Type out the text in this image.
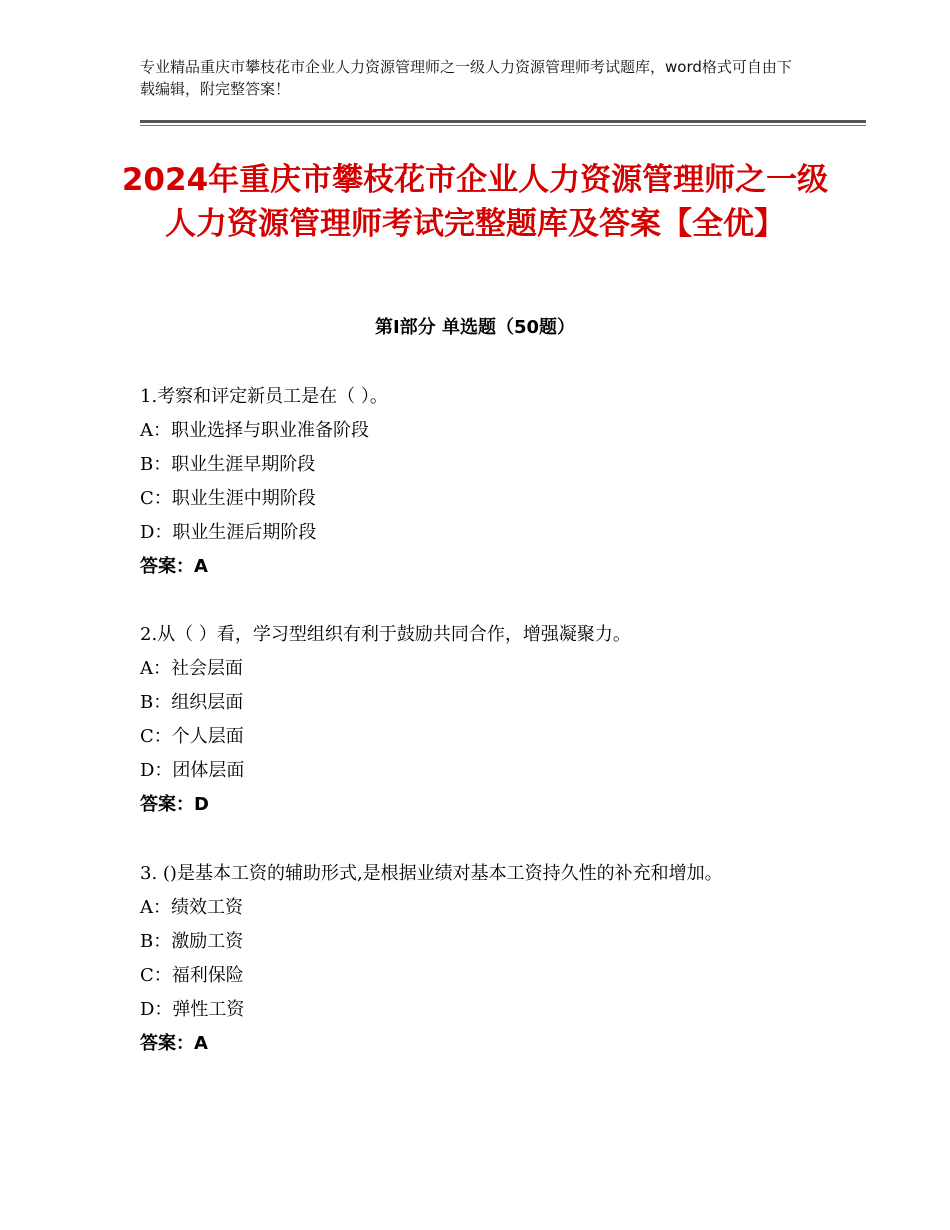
专业精品重庆市攀枝花市企业人力资源管理师之一级人力资源管理师考试题库，word格式可自由下载编辑，附完整答案！
2024年重庆市攀枝花市企业人力资源管理师之一级人力资源管理师考试完整题库及答案【全优】
第Ⅰ部分 单选题（50题）

1.考察和评定新员工是在（ ）。

A：职业选择与职业准备阶段

B：职业生涯早期阶段

C：职业生涯中期阶段

D：职业生涯后期阶段

答案：A

2.从（ ）看，学习型组织有利于鼓励共同合作，增强凝聚力。

A：社会层面

B：组织层面

C：个人层面

D：团体层面

答案：D

3. ()是基本工资的辅助形式,是根据业绩对基本工资持久性的补充和增加。

A：绩效工资

B：激励工资

C：福利保险

D：弹性工资

答案：A
